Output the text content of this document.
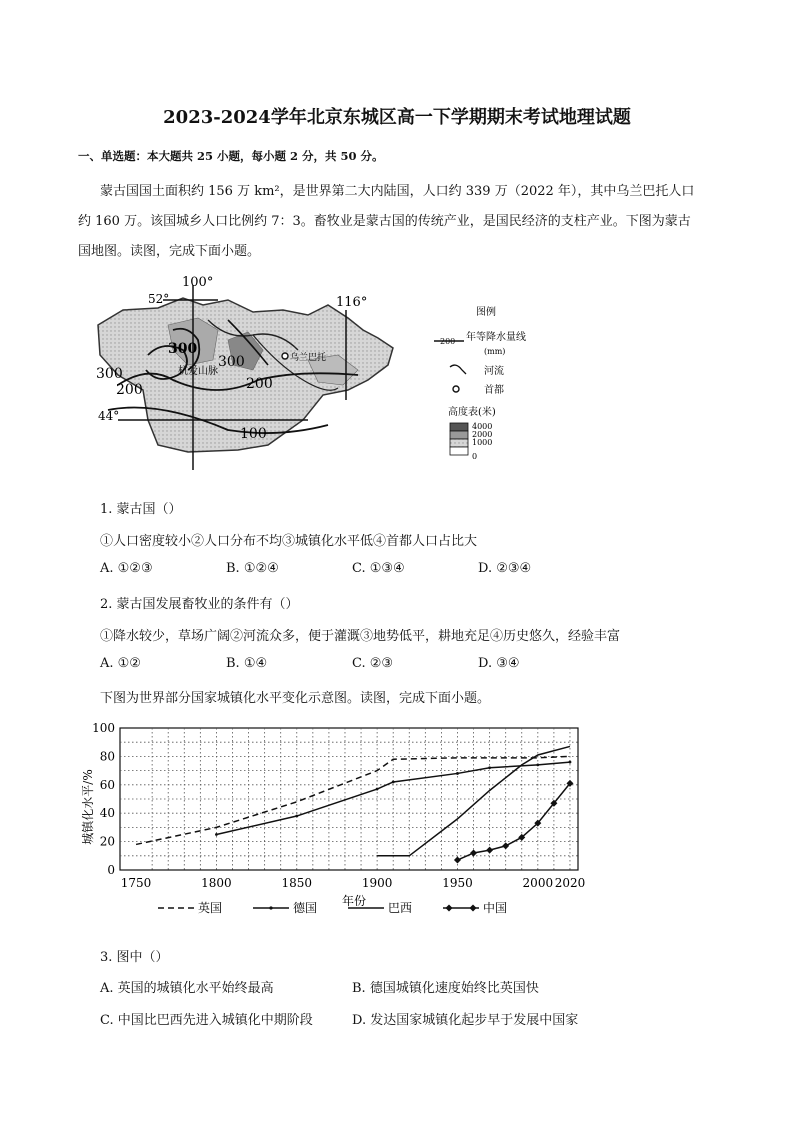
2023-2024学年北京东城区高一下学期期末考试地理试题
一、单选题：本大题共 25 小题，每小题 2 分，共 50 分。
蒙古国国土面积约 156 万 km²，是世界第二大内陆国，人口约 339 万（2022 年），其中乌兰巴托人口
约 160 万。该国城乡人口比例约 7：3。畜牧业是蒙古国的传统产业，是国民经济的支柱产业。下图为蒙古
国地图。读图，完成下面小题。
100°
52°	116°
44°
300
300
300
200	200
100
杭爱山脉
乌兰巴托
图例
200 年等降水量线
(mm)
河流
首都
高度表(米)
4000
2000
1000
0
1. 蒙古国（）
①人口密度较小②人口分布不均③城镇化水平低④首都人口占比大
A. ①②③	B. ①②④	C. ①③④	D. ②③④
2. 蒙古国发展畜牧业的条件有（）
①降水较少，草场广阔②河流众多，便于灌溉③地势低平，耕地充足④历史悠久，经验丰富
A. ①②	B. ①④	C. ②③	D. ③④
下图为世界部分国家城镇化水平变化示意图。读图，完成下面小题。
0
20
40
60
80
100
1750	1800	1850	1900	1950	2000 2020
城镇化水平/%
年份
英国	德国	巴西	中国
3. 图中（）
A. 英国的城镇化水平始终最高	B. 德国城镇化速度始终比英国快
C. 中国比巴西先进入城镇化中期阶段	D. 发达国家城镇化起步早于发展中国家
